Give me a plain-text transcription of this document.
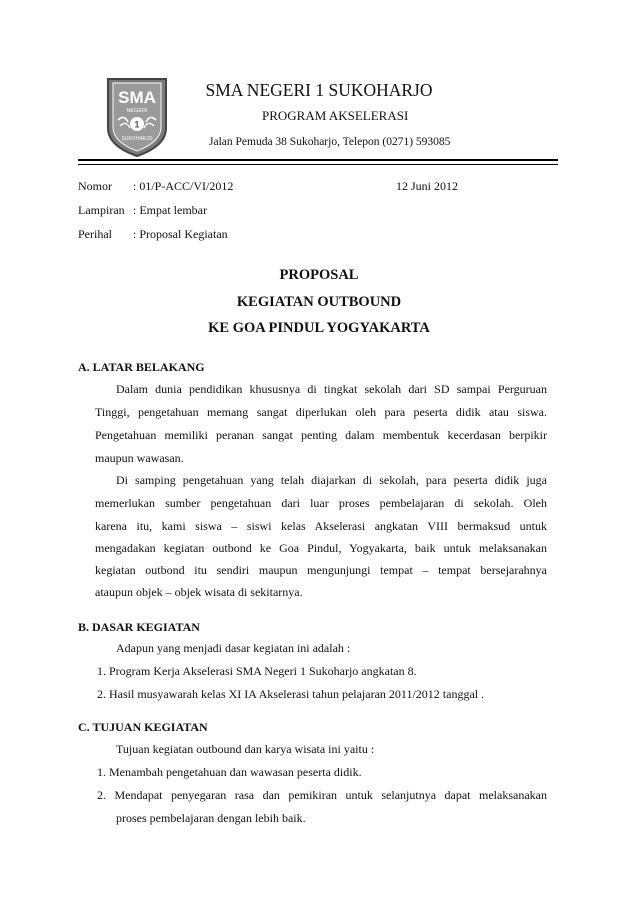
SMA
NEGERI
1
SUKOHARJO
SMA NEGERI 1 SUKOHARJO
PROGRAM AKSELERASI
Jalan Pemuda 38 Sukoharjo, Telepon (0271) 593085
Nomor : 01/P-ACC/VI/2012	12 Juni 2012
Lampiran : Empat lembar
Perihal : Proposal Kegiatan
PROPOSAL
KEGIATAN OUTBOUND
KE GOA PINDUL YOGYAKARTA
A. LATAR BELAKANG
Dalam dunia pendidikan khususnya di tingkat sekolah dari SD sampai Perguruan
Tinggi, pengetahuan memang sangat diperlukan oleh para peserta didik atau siswa.
Pengetahuan memiliki peranan sangat penting dalam membentuk kecerdasan berpikir
maupun wawasan.
Di samping pengetahuan yang telah diajarkan di sekolah, para peserta didik juga
memerlukan sumber pengetahuan dari luar proses pembelajaran di sekolah. Oleh
karena itu, kami siswa – siswi kelas Akselerasi angkatan VIII bermaksud untuk
mengadakan kegiatan outbond ke Goa Pindul, Yogyakarta, baik untuk melaksanakan
kegiatan outbond itu sendiri maupun mengunjungi tempat – tempat bersejarahnya
ataupun objek – objek wisata di sekitarnya.
B. DASAR KEGIATAN
Adapun yang menjadi dasar kegiatan ini adalah :
1. Program Kerja Akselerasi SMA Negeri 1 Sukoharjo angkatan 8.
2. Hasil musyawarah kelas XI IA Akselerasi tahun pelajaran 2011/2012 tanggal .
C. TUJUAN KEGIATAN
Tujuan kegiatan outbound dan karya wisata ini yaitu :
1. Menambah pengetahuan dan wawasan peserta didik.
2. Mendapat penyegaran rasa dan pemikiran untuk selanjutnya dapat melaksanakan
proses pembelajaran dengan lebih baik.
